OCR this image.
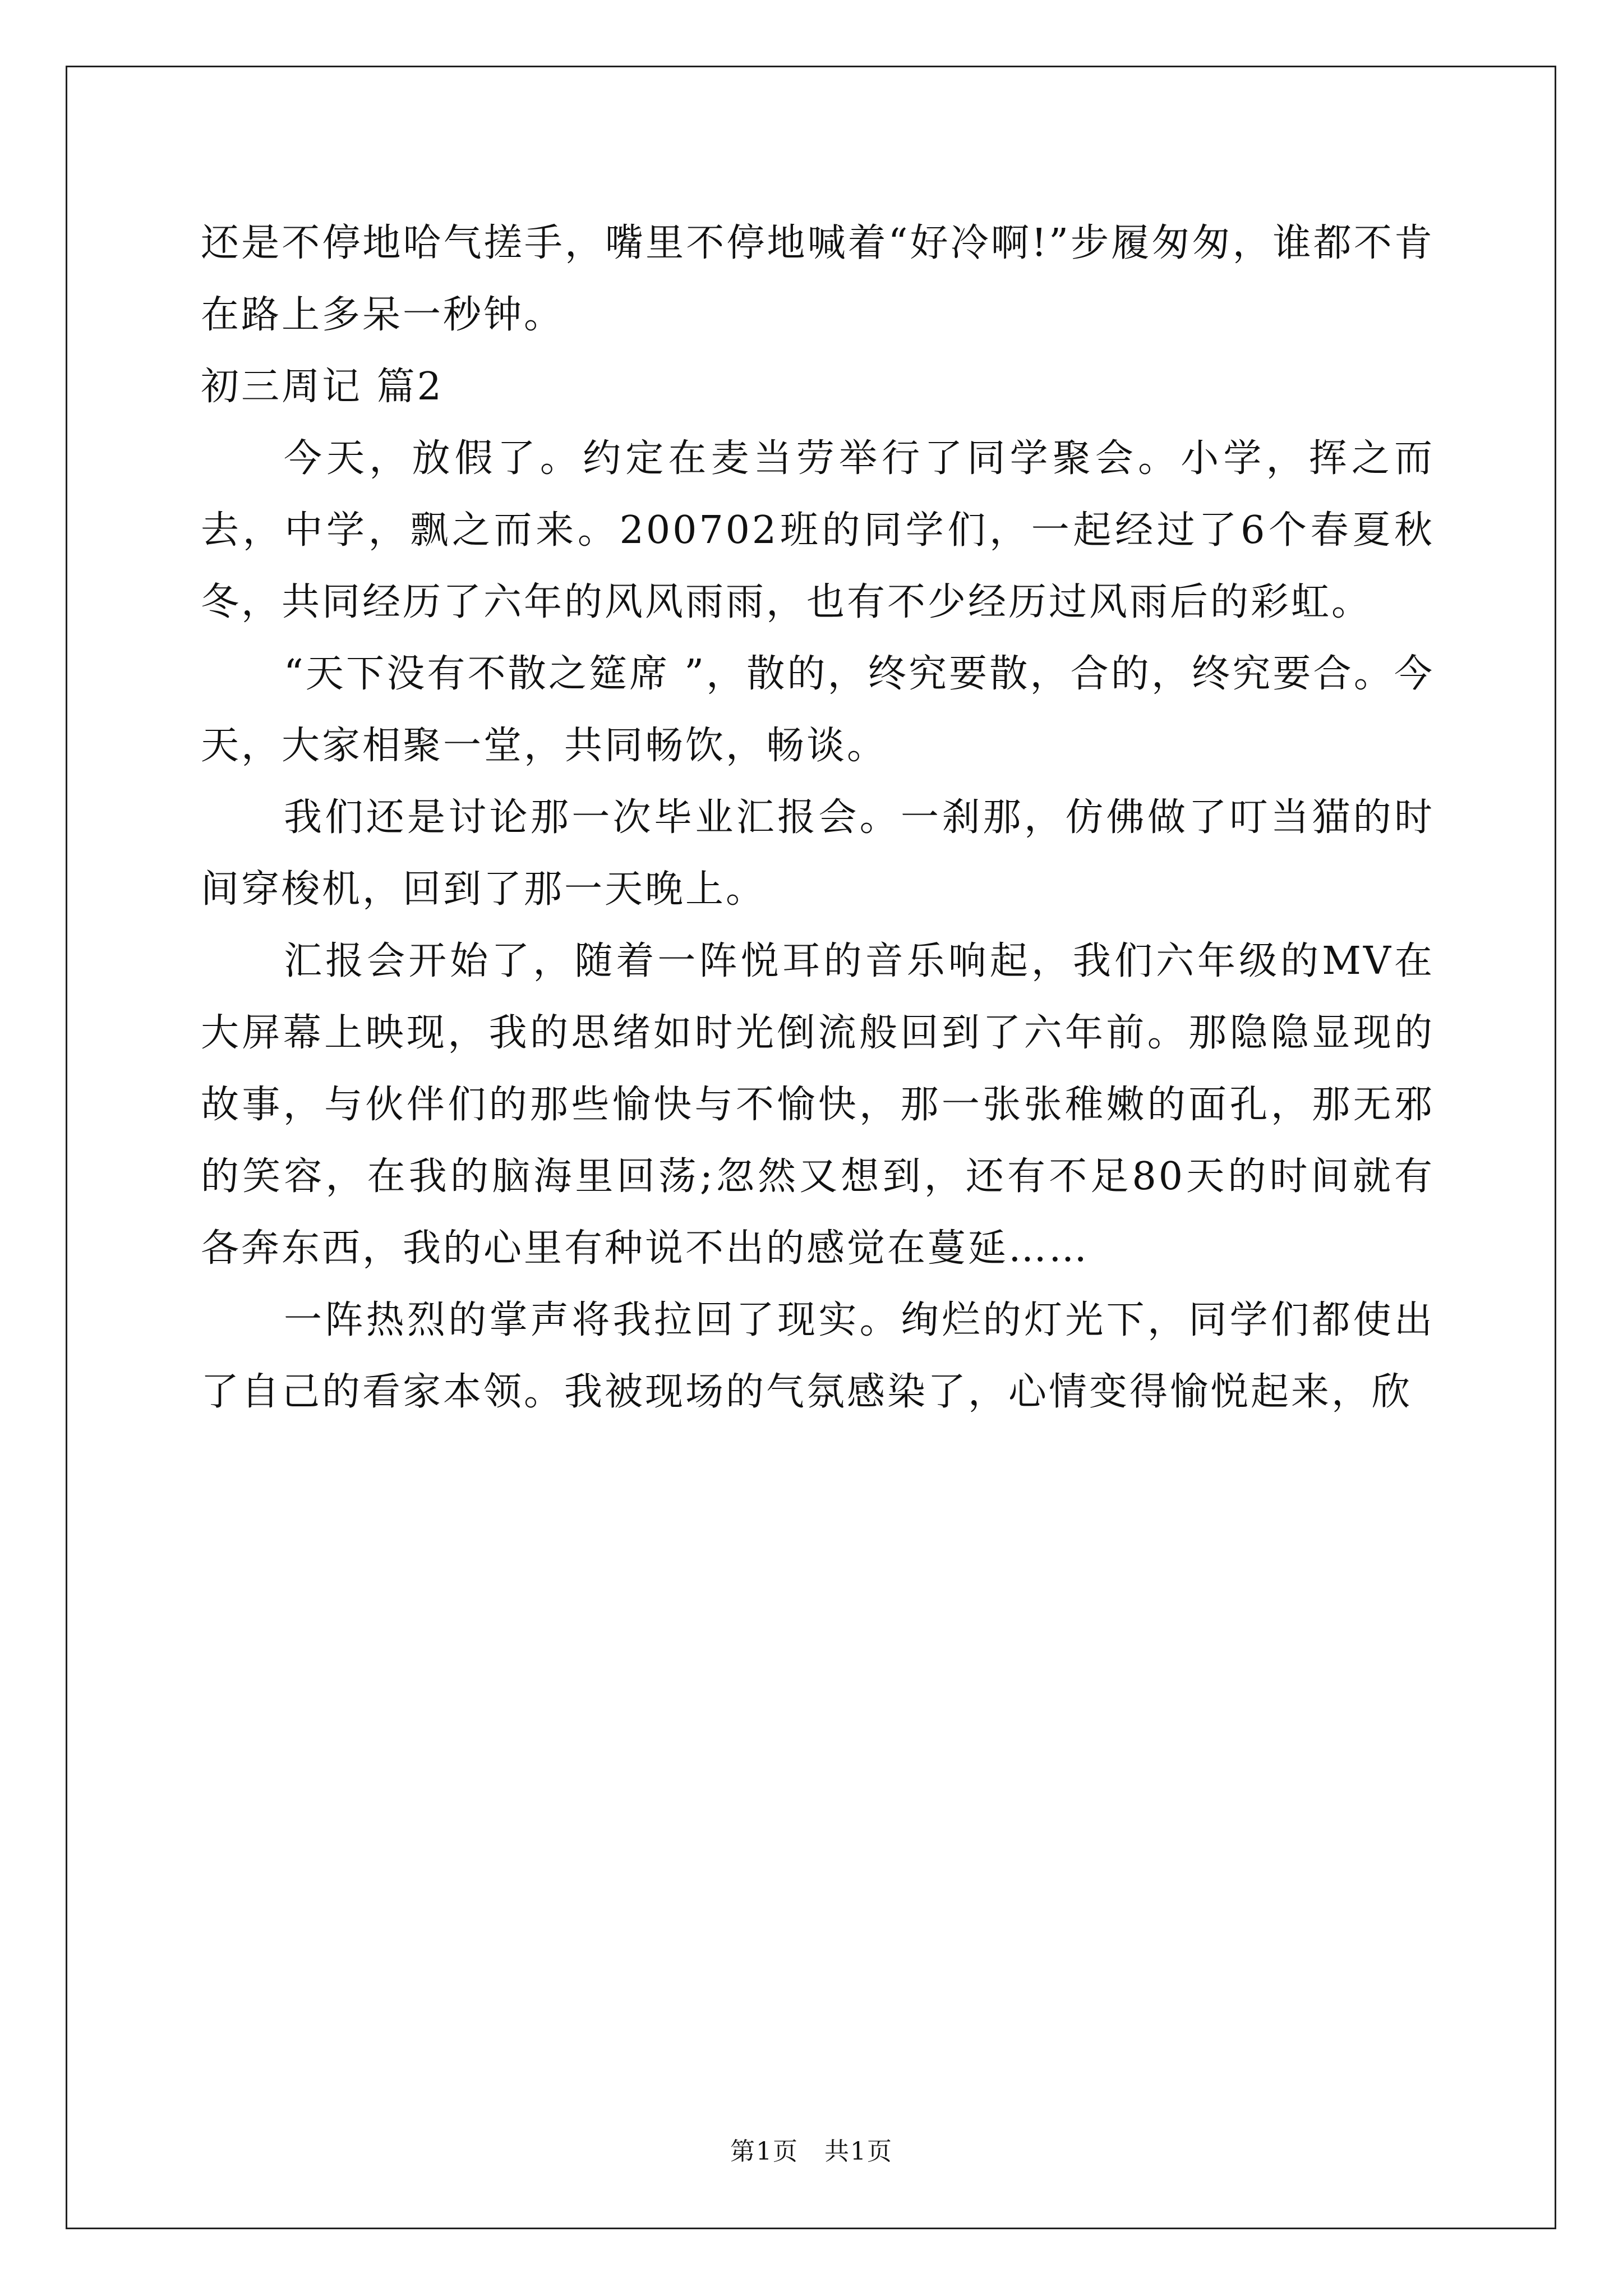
还是不停地哈气搓手，嘴里不停地喊着“好冷啊!”步履匆匆，谁都不肯在路上多呆一秒钟。

初三周记 篇2

今天，放假了。约定在麦当劳举行了同学聚会。小学，挥之而去，中学，飘之而来。200702班的同学们，一起经过了6个春夏秋冬，共同经历了六年的风风雨雨，也有不少经历过风雨后的彩虹。

“天下没有不散之筵席 ”，散的，终究要散，合的，终究要合。今天，大家相聚一堂，共同畅饮，畅谈。

我们还是讨论那一次毕业汇报会。一刹那，仿佛做了叮当猫的时间穿梭机，回到了那一天晚上。

汇报会开始了，随着一阵悦耳的音乐响起，我们六年级的MV在大屏幕上映现，我的思绪如时光倒流般回到了六年前。那隐隐显现的故事，与伙伴们的那些愉快与不愉快，那一张张稚嫩的面孔，那无邪的笑容，在我的脑海里回荡;忽然又想到，还有不足80天的时间就有各奔东西，我的心里有种说不出的感觉在蔓延……

一阵热烈的掌声将我拉回了现实。绚烂的灯光下，同学们都使出了自己的看家本领。我被现场的气氛感染了，心情变得愉悦起来，欣

第1页　共1页
